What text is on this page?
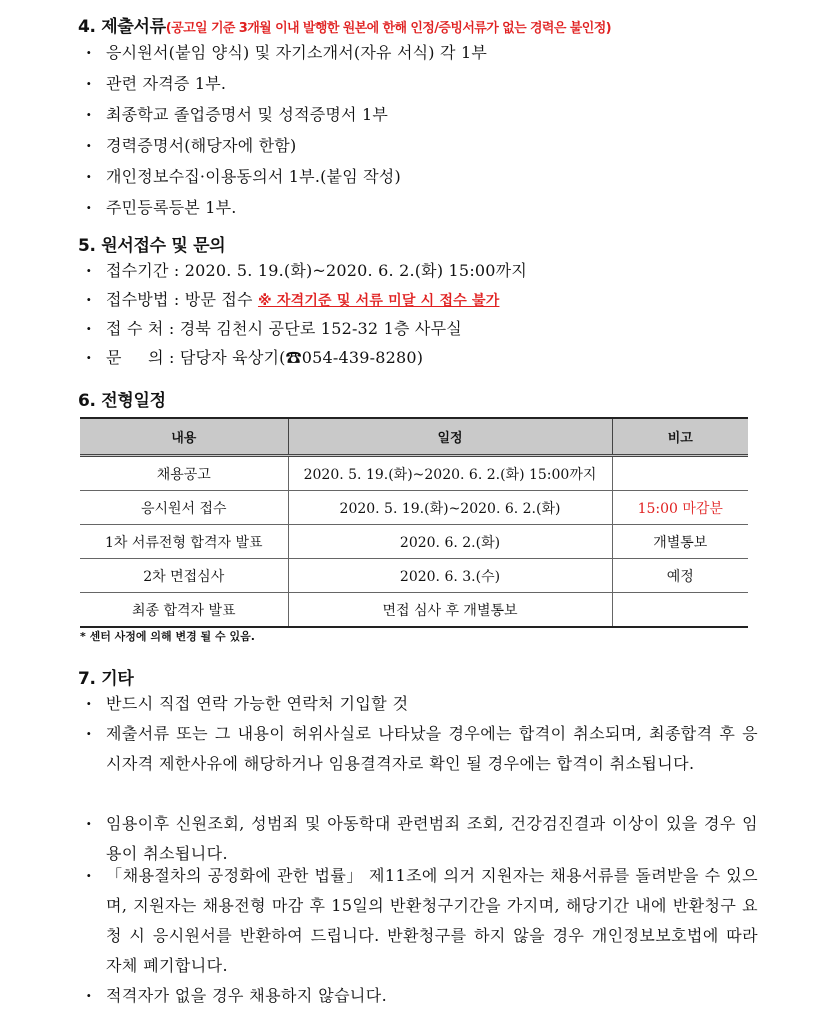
4. 제출서류(공고일 기준 3개월 이내 발행한 원본에 한해 인정/증빙서류가 없는 경력은 불인정)
· 응시원서(붙임 양식) 및 자기소개서(자유 서식) 각 1부
· 관련 자격증 1부.
· 최종학교 졸업증명서 및 성적증명서 1부
· 경력증명서(해당자에 한함)
· 개인정보수집·이용동의서 1부.(붙임 작성)
· 주민등록등본 1부.
5. 원서접수 및 문의
· 접수기간 : 2020. 5. 19.(화)~2020. 6. 2.(화) 15:00까지
· 접수방법 : 방문 접수 ※ 자격기준 및 서류 미달 시 접수 불가
· 접 수 처 : 경북 김천시 공단로 152-32 1층 사무실
· 문     의 : 담당자 육상기(☎054-439-8280)
6. 전형일정
내용	일정	비고
채용공고	2020. 5. 19.(화)~2020. 6. 2.(화) 15:00까지	
응시원서 접수	2020. 5. 19.(화)~2020. 6. 2.(화)	15:00 마감분
1차 서류전형 합격자 발표	2020. 6. 2.(화)	개별통보
2차 면접심사	2020. 6. 3.(수)	예정
최종 합격자 발표	면접 심사 후 개별통보	
* 센터 사정에 의해 변경 될 수 있음.
7. 기타
· 반드시 직접 연락 가능한 연락처 기입할 것
· 제출서류 또는 그 내용이 허위사실로 나타났을 경우에는 합격이 취소되며, 최종합격 후 응시자격 제한사유에 해당하거나 임용결격자로 확인 될 경우에는 합격이 취소됩니다.
· 임용이후 신원조회, 성범죄 및 아동학대 관련범죄 조회, 건강검진결과 이상이 있을 경우 임용이 취소됩니다.
· 「채용절차의 공정화에 관한 법률」 제11조에 의거 지원자는 채용서류를 돌려받을 수 있으며, 지원자는 채용전형 마감 후 15일의 반환청구기간을 가지며, 해당기간 내에 반환청구 요청 시 응시원서를 반환하여 드립니다. 반환청구를 하지 않을 경우 개인정보보호법에 따라 자체 폐기합니다.
· 적격자가 없을 경우 채용하지 않습니다.
